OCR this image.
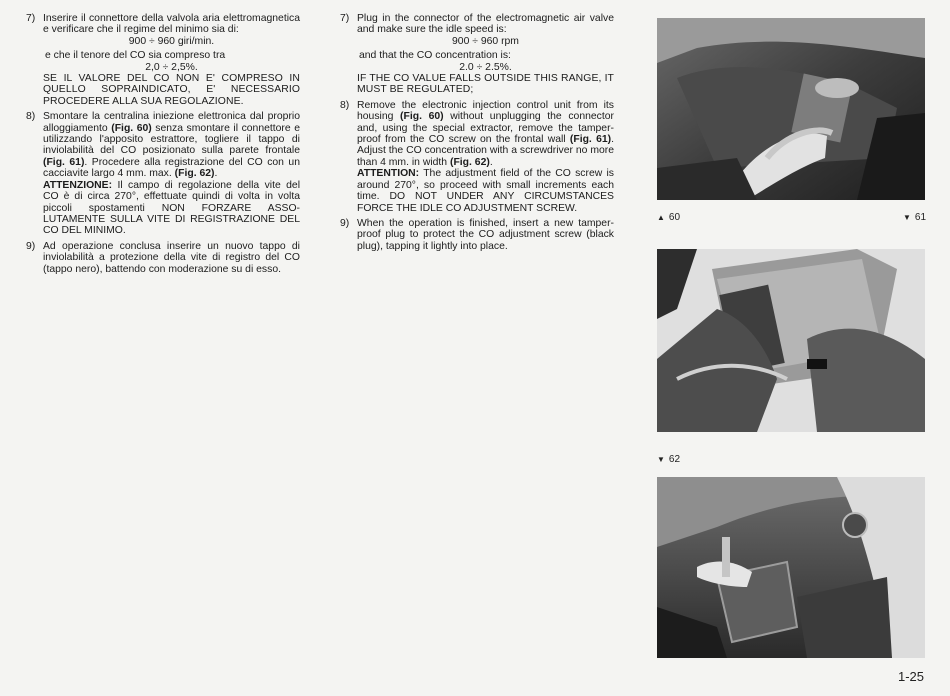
7) Inserire il connettore della valvola aria elettromagnetica e verificare che il regime del minimo sia di:
900 ÷ 960 giri/min.
e che il tenore del CO sia compreso tra
2,0 ÷ 2,5%.
SE IL VALORE DEL CO NON E' COMPRESO IN QUELLO SOPRAINDICATO, E' NECESSARIO PROCEDERE ALLA SUA REGOLAZIONE.
8) Smontare la centralina iniezione elettronica dal proprio alloggiamento (Fig. 60) senza smontare il connettore e utilizzando l'apposito estrattore, togliere il tappo di inviolabilità del CO posizionato sulla parete frontale (Fig. 61). Procedere alla registrazione del CO con un cacciavite largo 4 mm. max. (Fig. 62).
ATTENZIONE: Il campo di regolazione della vite del CO è di circa 270°, effettuate quindi di volta in volta piccoli spostamenti NON FORZARE ASSOLUTAMENTE SULLA VITE DI REGISTRAZIONE DEL CO DEL MINIMO.
9) Ad operazione conclusa inserire un nuovo tappo di inviolabilità a protezione della vite di registro del CO (tappo nero), battendo con moderazione su di esso.
7) Plug in the connector of the electromagnetic air valve and make sure the idle speed is:
900 ÷ 960 rpm
and that the CO concentration is:
2.0 ÷ 2.5%.
IF THE CO VALUE FALLS OUTSIDE THIS RANGE, IT MUST BE REGULATED;
8) Remove the electronic injection control unit from its housing (Fig. 60) without unplugging the connector and, using the special extractor, remove the tamper-proof from the CO screw on the frontal wall (Fig. 61). Adjust the CO concentration with a screwdriver no more than 4 mm. in width (Fig. 62).
ATTENTION: The adjustment field of the CO screw is around 270°, so proceed with small increments each time. DO NOT UNDER ANY CIRCUMSTANCES FORCE THE IDLE CO ADJUSTMENT SCREW.
9) When the operation is finished, insert a new tamper-proof plug to protect the CO adjustment screw (black plug), tapping it lightly into place.
▲ 60	▼ 61
▼ 62
1-25
